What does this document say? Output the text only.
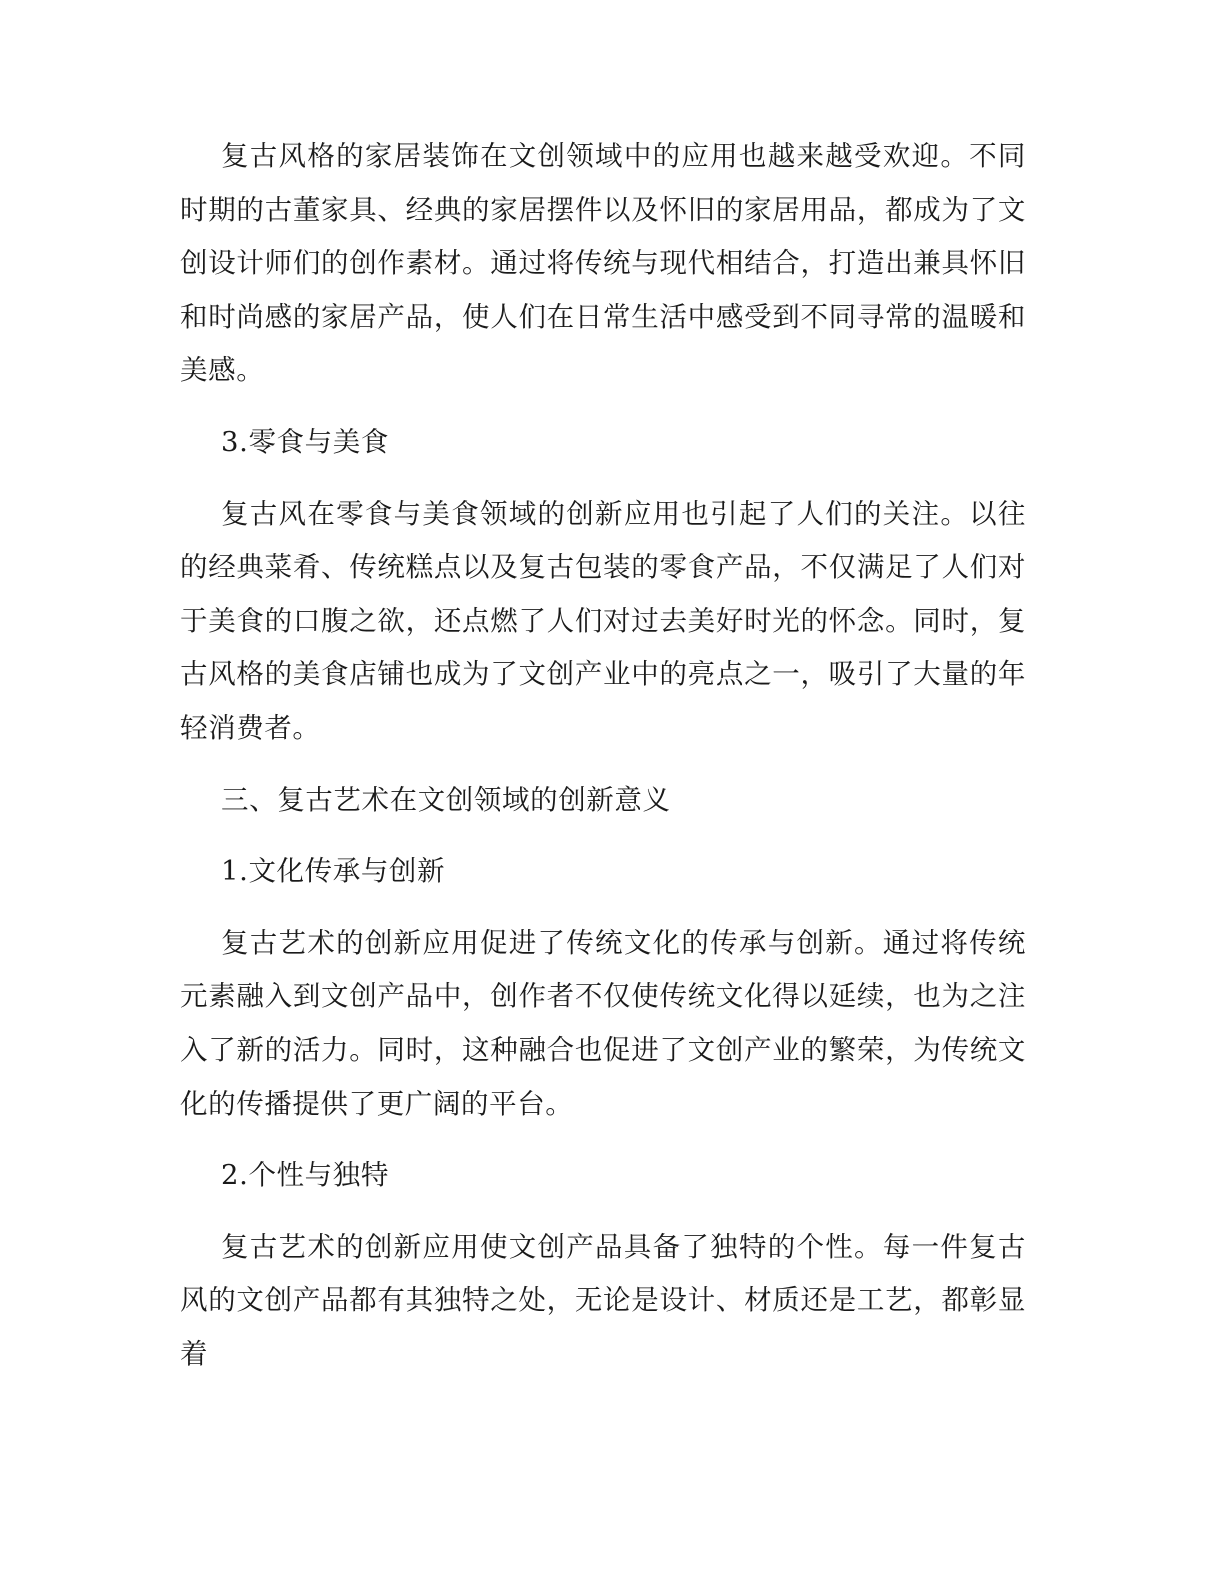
复古风格的家居装饰在文创领域中的应用也越来越受欢迎。不同时期的古董家具、经典的家居摆件以及怀旧的家居用品，都成为了文创设计师们的创作素材。通过将传统与现代相结合，打造出兼具怀旧和时尚感的家居产品，使人们在日常生活中感受到不同寻常的温暖和美感。

3.零食与美食

复古风在零食与美食领域的创新应用也引起了人们的关注。以往的经典菜肴、传统糕点以及复古包装的零食产品，不仅满足了人们对于美食的口腹之欲，还点燃了人们对过去美好时光的怀念。同时，复古风格的美食店铺也成为了文创产业中的亮点之一，吸引了大量的年轻消费者。

三、复古艺术在文创领域的创新意义

1.文化传承与创新

复古艺术的创新应用促进了传统文化的传承与创新。通过将传统元素融入到文创产品中，创作者不仅使传统文化得以延续，也为之注入了新的活力。同时，这种融合也促进了文创产业的繁荣，为传统文化的传播提供了更广阔的平台。

2.个性与独特

复古艺术的创新应用使文创产品具备了独特的个性。每一件复古风的文创产品都有其独特之处，无论是设计、材质还是工艺，都彰显着
